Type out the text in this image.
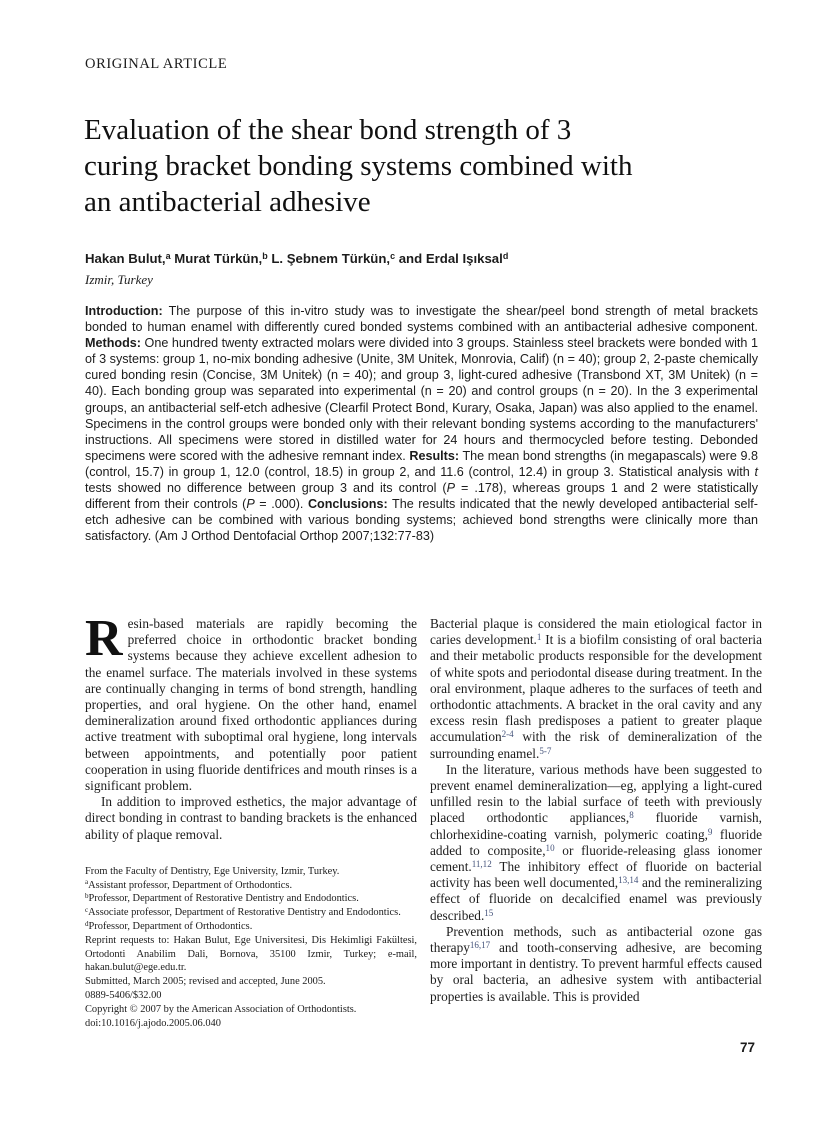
ORIGINAL ARTICLE
Evaluation of the shear bond strength of 3
curing bracket bonding systems combined with
an antibacterial adhesive
Hakan Bulut,$^a$ Murat Türkün,$^b$ L. Şebnem Türkün,$^c$ and Erdal Işıksal$^d$
Izmir, Turkey
Introduction: The purpose of this in-vitro study was to investigate the shear/peel bond strength of metal brackets bonded to human enamel with differently cured bonded systems combined with an antibacterial adhesive component. Methods: One hundred twenty extracted molars were divided into 3 groups. Stainless steel brackets were bonded with 1 of 3 systems: group 1, no-mix bonding adhesive (Unite, 3M Unitek, Monrovia, Calif) (n = 40); group 2, 2-paste chemically cured bonding resin (Concise, 3M Unitek) (n = 40); and group 3, light-cured adhesive (Transbond XT, 3M Unitek) (n = 40). Each bonding group was separated into experimental (n = 20) and control groups (n = 20). In the 3 experimental groups, an antibacterial self-etch adhesive (Clearfil Protect Bond, Kurary, Osaka, Japan) was also applied to the enamel. Specimens in the control groups were bonded only with their relevant bonding systems according to the manufacturers' instructions. All specimens were stored in distilled water for 24 hours and thermocycled before testing. Debonded specimens were scored with the adhesive remnant index. Results: The mean bond strengths (in megapascals) were 9.8 (control, 15.7) in group 1, 12.0 (control, 18.5) in group 2, and 11.6 (control, 12.4) in group 3. Statistical analysis with t tests showed no difference between group 3 and its control (P = .178), whereas groups 1 and 2 were statistically different from their controls (P = .000). Conclusions: The results indicated that the newly developed antibacterial self-etch adhesive can be combined with various bonding systems; achieved bond strengths were clinically more than satisfactory. (Am J Orthod Dentofacial Orthop 2007;132:77-83)

Resin-based materials are rapidly becoming the preferred choice in orthodontic bracket bonding systems because they achieve excellent adhesion to the enamel surface. The materials involved in these systems are continually changing in terms of bond strength, handling properties, and oral hygiene. On the other hand, enamel demineralization around fixed orthodontic appliances during active treatment with suboptimal oral hygiene, long intervals between appointments, and potentially poor patient cooperation in using fluoride dentifrices and mouth rinses is a significant problem.

In addition to improved esthetics, the major advantage of direct bonding in contrast to banding brackets is the enhanced ability of plaque removal.

From the Faculty of Dentistry, Ege University, Izmir, Turkey.

$^a$Assistant professor, Department of Orthodontics.

$^b$Professor, Department of Restorative Dentistry and Endodontics.

$^c$Associate professor, Department of Restorative Dentistry and Endodontics.

$^d$Professor, Department of Orthodontics.

Reprint requests to: Hakan Bulut, Ege Universitesi, Dis Hekimligi Fakültesi, Ortodonti Anabilim Dali, Bornova, 35100 Izmir, Turkey; e-mail, hakan.bulut@ege.edu.tr.

Submitted, March 2005; revised and accepted, June 2005.

0889-5406/$32.00

Copyright © 2007 by the American Association of Orthodontists.

doi:10.1016/j.ajodo.2005.06.040

Bacterial plaque is considered the main etiological factor in caries development.$^1$ It is a biofilm consisting of oral bacteria and their metabolic products responsible for the development of white spots and periodontal disease during treatment. In the oral environment, plaque adheres to the surfaces of teeth and orthodontic attachments. A bracket in the oral cavity and any excess resin flash predisposes a patient to greater plaque accumulation$^{2-4}$ with the risk of demineralization of the surrounding enamel.$^{5-7}$

In the literature, various methods have been suggested to prevent enamel demineralization—eg, applying a light-cured unfilled resin to the labial surface of teeth with previously placed orthodontic appliances,$^8$ fluoride varnish, chlorhexidine-coating varnish, polymeric coating,$^9$ fluoride added to composite,$^{10}$ or fluoride-releasing glass ionomer cement.$^{11,12}$ The inhibitory effect of fluoride on bacterial activity has been well documented,$^{13,14}$ and the remineralizing effect of fluoride on decalcified enamel was previously described.$^{15}$

Prevention methods, such as antibacterial ozone gas therapy$^{16,17}$ and tooth-conserving adhesive, are becoming more important in dentistry. To prevent harmful effects caused by oral bacteria, an adhesive system with antibacterial properties is available. This is provided

77
